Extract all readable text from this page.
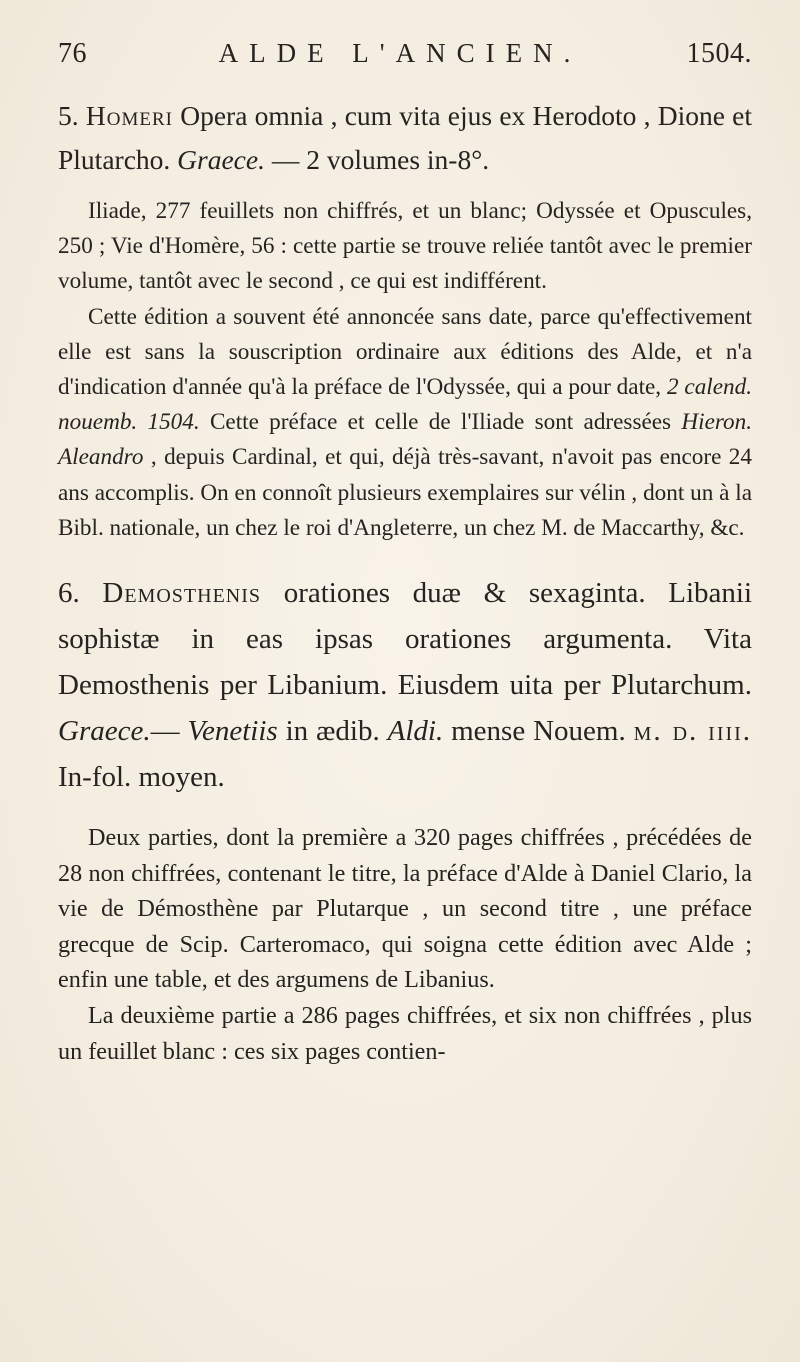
76	ALDE L'ANCIEN.	1504.

5. Homeri Opera omnia , cum vita ejus ex Herodoto , Dione et Plutarcho. Graece. — 2 volumes in-8°.

Iliade, 277 feuillets non chiffrés, et un blanc; Odyssée et Opuscules, 250 ; Vie d'Homère, 56 : cette partie se trouve reliée tantôt avec le premier volume, tantôt avec le second , ce qui est indifférent.

Cette édition a souvent été annoncée sans date, parce qu'effectivement elle est sans la souscription ordinaire aux éditions des Alde, et n'a d'indication d'année qu'à la préface de l'Odyssée, qui a pour date, 2 calend. nouemb. 1504. Cette préface et celle de l'Iliade sont adressées Hieron. Aleandro , depuis Cardinal, et qui, déjà très-savant, n'avoit pas encore 24 ans accomplis. On en connoît plusieurs exemplaires sur vélin , dont un à la Bibl. nationale, un chez le roi d'Angleterre, un chez M. de Maccarthy, &c.

6. Demosthenis orationes duæ & sexaginta. Libanii sophistæ in eas ipsas orationes argumenta. Vita Demosthenis per Libanium. Eiusdem uita per Plutarchum. Graece.— Venetiis in ædib. Aldi. mense Nouem. m. d. iiii. In-fol. moyen.

Deux parties, dont la première a 320 pages chiffrées , précédées de 28 non chiffrées, contenant le titre, la préface d'Alde à Daniel Clario, la vie de Démosthène par Plutarque , un second titre , une préface grecque de Scip. Carteromaco, qui soigna cette édition avec Alde ; enfin une table, et des argumens de Libanius.

La deuxième partie a 286 pages chiffrées, et six non chiffrées , plus un feuillet blanc : ces six pages contien-
